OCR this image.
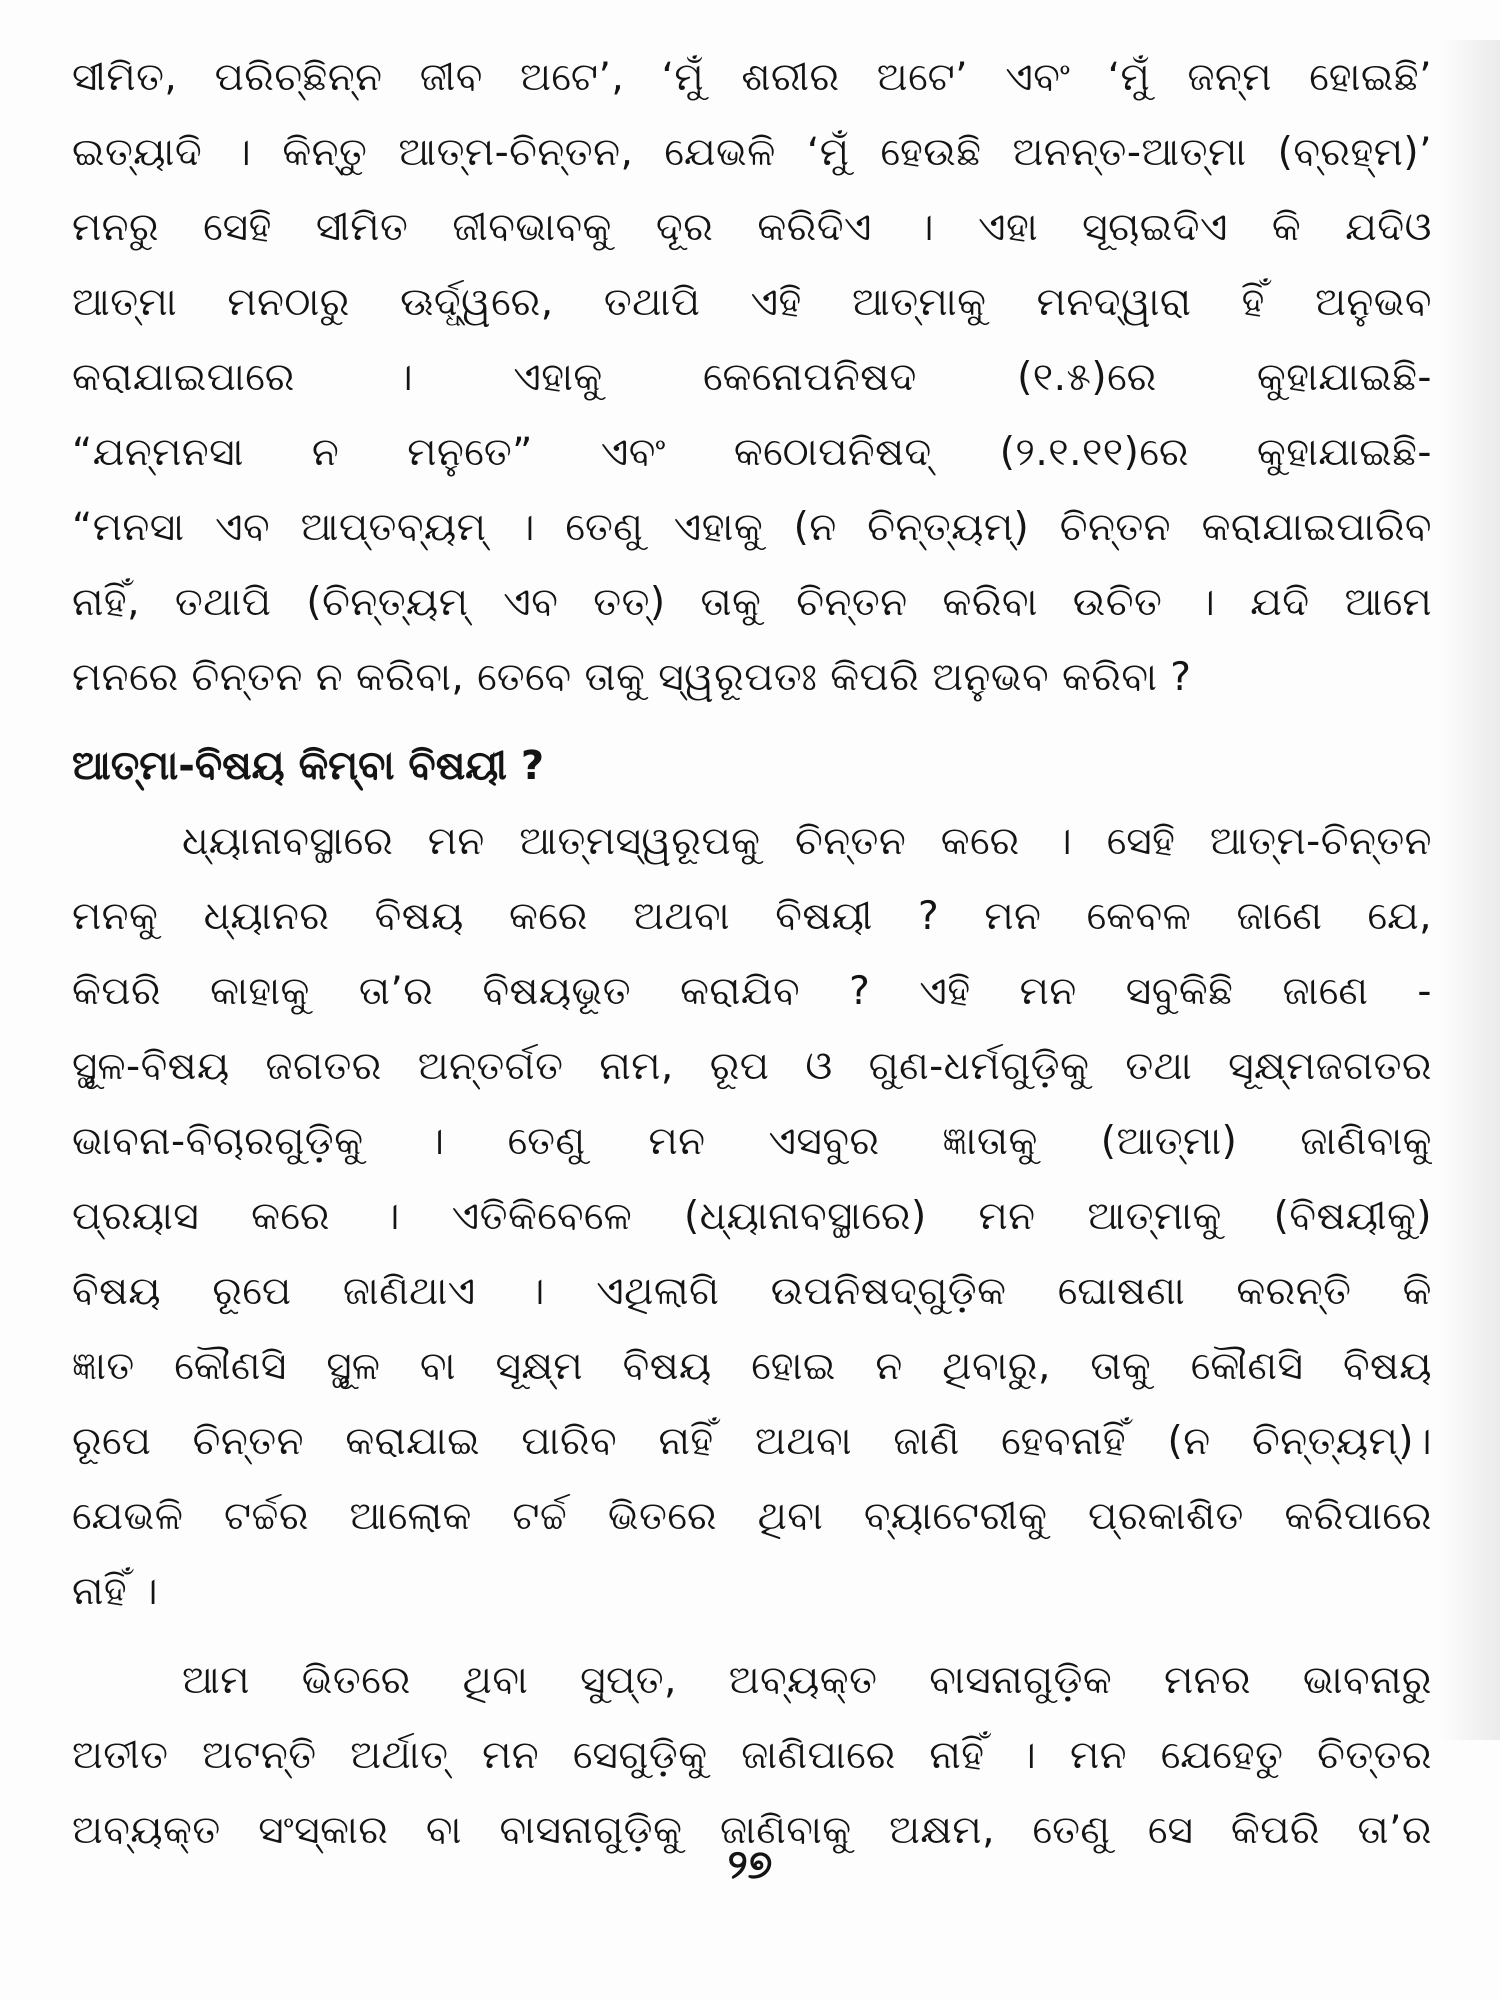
ସୀମିତ, ପରିଚ୍ଛିନ୍ନ ଜୀବ ଅଟେ’, ‘ମୁଁ ଶରୀର ଅଟେ’ ଏବଂ ‘ମୁଁ ଜନ୍ମ ହୋଇଛି’
ଇତ୍ୟାଦି । କିନ୍ତୁ ଆତ୍ମ-ଚିନ୍ତନ, ଯେଭଳି ‘ମୁଁ ହେଉଛି ଅନନ୍ତ-ଆତ୍ମା (ବ୍ରହ୍ମ)’
ମନରୁ ସେହି ସୀମିତ ଜୀବଭାବକୁ ଦୂର କରିଦିଏ । ଏହା ସୂଚାଇଦିଏ କି ଯଦିଓ
ଆତ୍ମା ମନଠାରୁ ଊର୍ଦ୍ଧ୍ୱରେ, ତଥାପି ଏହି ଆତ୍ମାକୁ ମନଦ୍ୱାରା ହିଁ ଅନୁଭବ
କରାଯାଇପାରେ । ଏହାକୁ କେନୋପନିଷଦ (୧.୫)ରେ କୁହାଯାଇଛି-
“ଯନ୍ମନସା ନ ମନୁତେ” ଏବଂ କଠୋପନିଷଦ୍ (୨.୧.୧୧)ରେ କୁହାଯାଇଛି-
“ମନସା ଏବ ଆପ୍ତବ୍ୟମ୍ । ତେଣୁ ଏହାକୁ (ନ ଚିନ୍ତ୍ୟମ୍) ଚିନ୍ତନ କରାଯାଇପାରିବ
ନାହିଁ, ତଥାପି (ଚିନ୍ତ୍ୟମ୍ ଏବ ତତ୍) ତାକୁ ଚିନ୍ତନ କରିବା ଉଚିତ । ଯଦି ଆମେ
ମନରେ ଚିନ୍ତନ ନ କରିବା, ତେବେ ତାକୁ ସ୍ୱରୂପତଃ କିପରି ଅନୁଭବ କରିବା ?
ଆତ୍ମା-ବିଷୟ କିମ୍ବା ବିଷୟୀ ?
ଧ୍ୟାନାବସ୍ଥାରେ ମନ ଆତ୍ମସ୍ୱରୂପକୁ ଚିନ୍ତନ କରେ । ସେହି ଆତ୍ମ-ଚିନ୍ତନ
ମନକୁ ଧ୍ୟାନର ବିଷୟ କରେ ଅଥବା ବିଷୟୀ ? ମନ କେବଳ ଜାଣେ ଯେ,
କିପରି କାହାକୁ ତା’ର ବିଷୟଭୂତ କରାଯିବ ? ଏହି ମନ ସବୁକିଛି ଜାଣେ -
ସ୍ଥୂଳ-ବିଷୟ ଜଗତର ଅନ୍ତର୍ଗତ ନାମ, ରୂପ ଓ ଗୁଣ-ଧର୍ମଗୁଡ଼ିକୁ ତଥା ସୂକ୍ଷ୍ମଜଗତର
ଭାବନା-ବିଚାରଗୁଡ଼ିକୁ । ତେଣୁ ମନ ଏସବୁର ଜ୍ଞାତାକୁ (ଆତ୍ମା) ଜାଣିବାକୁ
ପ୍ରୟାସ କରେ । ଏତିକିବେଳେ (ଧ୍ୟାନାବସ୍ଥାରେ) ମନ ଆତ୍ମାକୁ (ବିଷୟୀକୁ)
ବିଷୟ ରୂପେ ଜାଣିଥାଏ । ଏଥିଲାଗି ଉପନିଷଦ୍‌ଗୁଡ଼ିକ ଘୋଷଣା କରନ୍ତି କି
ଜ୍ଞାତ କୌଣସି ସ୍ଥୂଳ ବା ସୂକ୍ଷ୍ମ ବିଷୟ ହୋଇ ନ ଥିବାରୁ, ତାକୁ କୌଣସି ବିଷୟ
ରୂପେ ଚିନ୍ତନ କରାଯାଇ ପାରିବ ନାହିଁ ଅଥବା ଜାଣି ହେବନାହିଁ (ନ ଚିନ୍ତ୍ୟମ୍)।
ଯେଭଳି ଟର୍ଚ୍ଚର ଆଲୋକ ଟର୍ଚ୍ଚ ଭିତରେ ଥିବା ବ୍ୟାଟେରୀକୁ ପ୍ରକାଶିତ କରିପାରେ
ନାହିଁ ।
ଆମ ଭିତରେ ଥିବା ସୁପ୍ତ, ଅବ୍ୟକ୍ତ ବାସନାଗୁଡ଼ିକ ମନର ଭାବନାରୁ
ଅତୀତ ଅଟନ୍ତି ଅର୍ଥାତ୍ ମନ ସେଗୁଡ଼ିକୁ ଜାଣିପାରେ ନାହିଁ । ମନ ଯେହେତୁ ଚିତ୍ତର
ଅବ୍ୟକ୍ତ ସଂସ୍କାର ବା ବାସନାଗୁଡ଼ିକୁ ଜାଣିବାକୁ ଅକ୍ଷମ, ତେଣୁ ସେ କିପରି ତା’ର
୨୭
